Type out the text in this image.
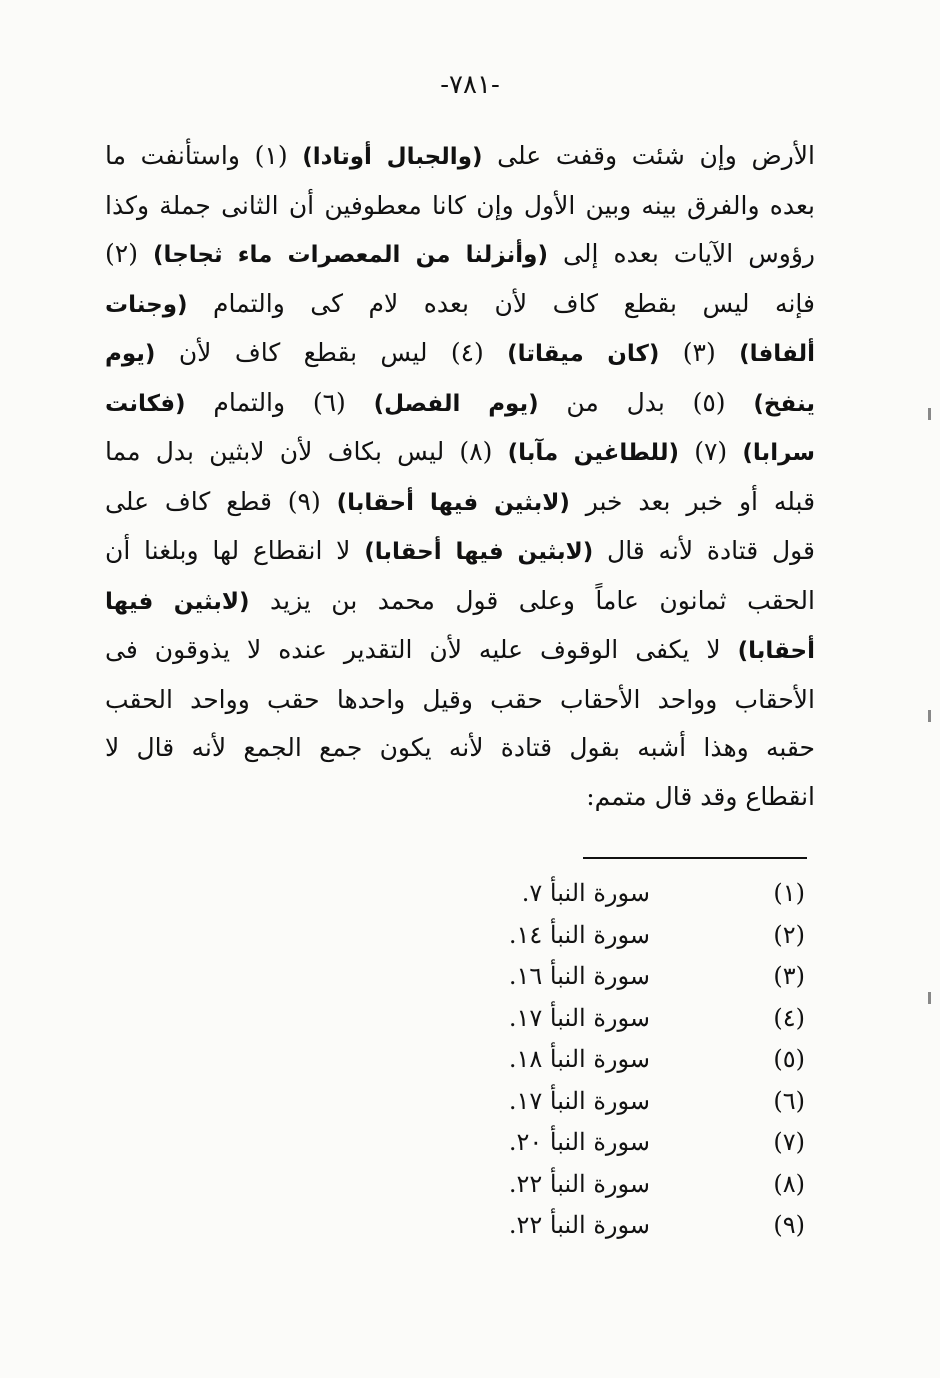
-٧٨١-
الأرض وإن شئت وقفت على (والجبال أوتادا) (١) واستأنفت ما
بعده والفرق بينه وبين الأول وإن كانا معطوفين أن الثانى جملة وكذا
رؤوس الآيات بعده إلى (وأنزلنا من المعصرات ماء ثجاجا) (٢)
فإنه ليس بقطع كاف لأن بعده لام كى والتمام (وجنات
ألفافا) (٣) (كان ميقاتا) (٤) ليس بقطع كاف لأن (يوم
ينفخ) (٥) بدل من (يوم الفصل) (٦) والتمام (فكانت
سرابا) (٧) (للطاغين مآبا) (٨) ليس بكاف لأن لابثين بدل مما
قبله أو خبر بعد خبر (لابثين فيها أحقابا) (٩) قطع كاف على
قول قتادة لأنه قال (لابثين فيها أحقابا) لا انقطاع لها وبلغنا أن
الحقب ثمانون عاماً وعلى قول محمد بن يزيد (لابثين فيها
أحقابا) لا يكفى الوقوف عليه لأن التقدير عنده لا يذوقون فى
الأحقاب وواحد الأحقاب حقب وقيل واحدها حقب وواحد الحقب
حقبه وهذا أشبه بقول قتادة لأنه يكون جمع الجمع لأنه قال لا
انقطاع وقد قال متمم:
(١)
سورة النبأ ٧.
(٢)
سورة النبأ ١٤.
(٣)
سورة النبأ ١٦.
(٤)
سورة النبأ ١٧.
(٥)
سورة النبأ ١٨.
(٦)
سورة النبأ ١٧.
(٧)
سورة النبأ ٢٠.
(٨)
سورة النبأ ٢٢.
(٩)
سورة النبأ ٢٢.
